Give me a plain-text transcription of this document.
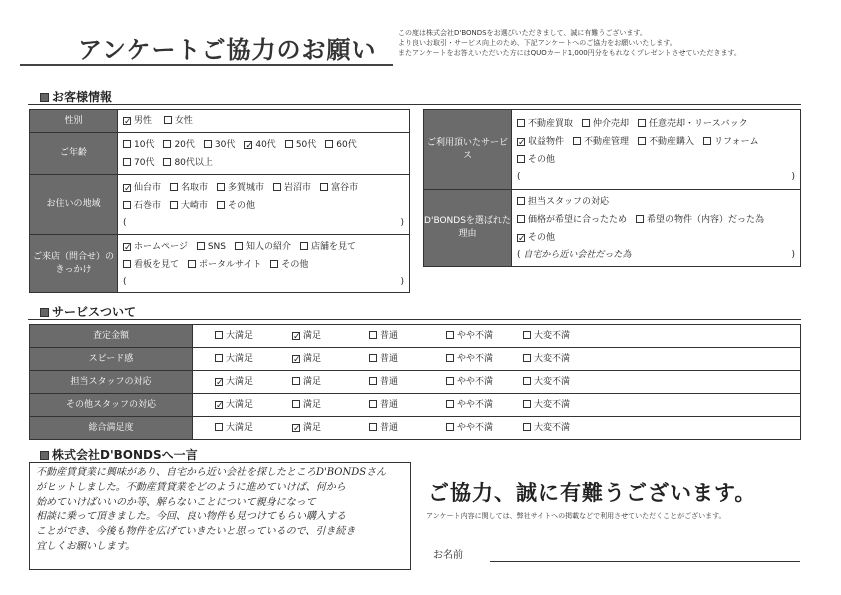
アンケートご協力のお願い
この度は株式会社D'BONDSをお選びいただきまして、誠に有難うございます。
より良いお取引・サービス向上のため、下記アンケートへのご協力をお願いいたします。
またアンケートをお答えいただいた方にはQUOカード1,000円分をもれなくプレゼントさせていただきます。
お客様情報
性別	✓男性 女性
ご年齢	10代 20代 30代 ✓ 40代 50代 60代
70代 80代以上
お住いの地域	✓仙台市 名取市 多賀城市 岩沼市 富谷市
石巻市 大崎市 その他
( )

ご来店（問合せ）のきっかけ	✓ホームページ SNS 知人の紹介 店舗を見て
看板を見て ポータルサイト その他
( )
ご利用頂いたサービス	不動産買取 仲介売却 任意売却・リースバック
✓収益物件 不動産管理 不動産購入 リフォーム
その他
( )

D'BONDSを選ばれた理由	担当スタッフの対応
価格が希望に合ったため 希望の物件（内容）だった為
✓その他
( 自宅から近い会社だった為 )
サービスついて
査定金額	大満足 ✓ 満足 普通 やや不満 大変不満
スピード感	大満足 ✓ 満足 普通 やや不満 大変不満
担当スタッフの対応	✓大満足 満足 普通 やや不満 大変不満
その他スタッフの対応	✓大満足 満足 普通 やや不満 大変不満
総合満足度	大満足 ✓ 満足 普通 やや不満 大変不満
株式会社D'BONDSへ一言
不動産賃貸業に興味があり、自宅から近い会社を探したところD'BONDSさん
がヒットしました。不動産賃貸業をどのように進めていけば、何から
始めていけばいいのか等、解らないことについて親身になって
相談に乗って頂きました。今回、良い物件も見つけてもらい購入する
ことができ、今後も物件を広げていきたいと思っているので、引き続き
宜しくお願いします。
ご協力、誠に有難うございます。
アンケート内容に関しては、弊社サイトへの掲載などで利用させていただくことがございます。
お名前
